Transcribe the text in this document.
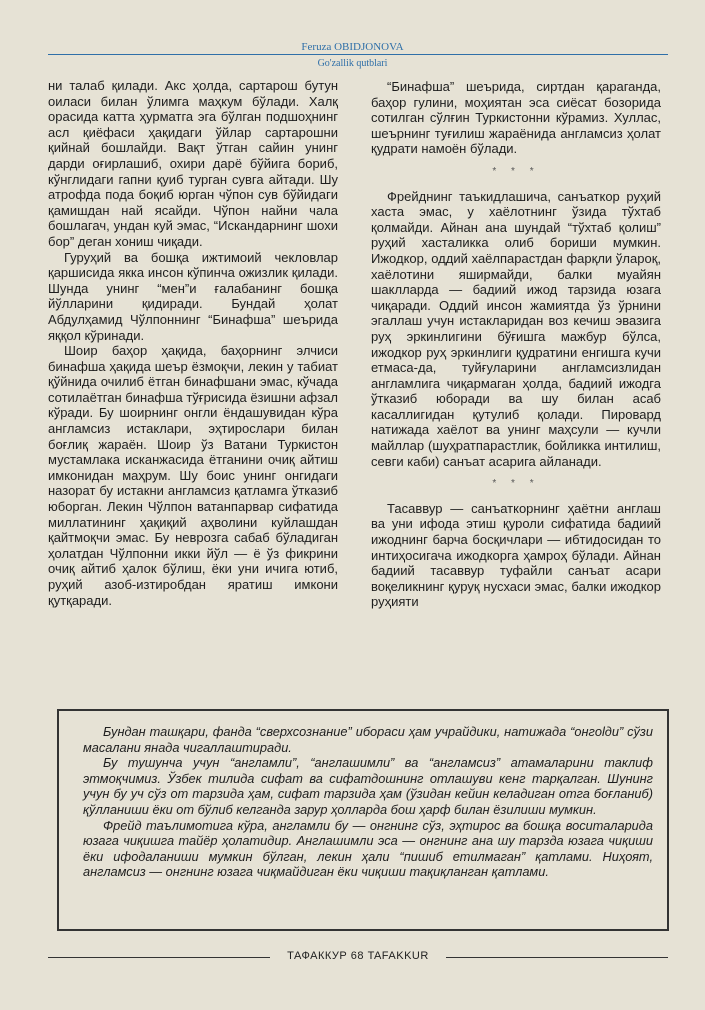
Feruza OBIDJONOVA
Go'zallik qutblari

ни талаб қилади. Акс ҳолда, сартарош бутун оиласи билан ўлимга маҳкум бўлади. Халқ орасида катта ҳурматга эга бўлган подшоҳнинг асл қиёфаси ҳақидаги ўйлар сартарошни қийнай бошлайди. Вақт ўтган сайин унинг дарди оғирлашиб, охири дарё бўйига бориб, кўнглидаги гапни қуиб турган сувга айтади. Шу атрофда пода боқиб юрган чўпон сув бўйидаги қамишдан най ясайди. Чўпон найни чала бошлагач, ундан куй эмас, “Искандарнинг шохи бор” деган хониш чиқади.

Гуруҳий ва бошқа ижтимоий чекловлар қаршисида якка инсон кўпинча ожизлик қилади. Шунда унинг “мен”и ғалабанинг бошқа йўлларини қидиради. Бундай ҳолат Абдулҳамид Чўлпоннинг “Бинафша” шеърида яққол кўринади.

Шоир баҳор ҳақида, баҳорнинг элчиси бинафша ҳақида шеър ёзмоқчи, лекин у табиат қўйнида очилиб ётган бинафшани эмас, кўчада сотилаётган бинафша тўғрисида ёзишни афзал кўради. Бу шоирнинг онгли ёндашувидан кўра англамсиз истаклари, эҳтирослари билан боғлиқ жараён. Шоир ўз Ватани Туркистон мустамлака исканжасида ётганини очиқ айтиш имконидан маҳрум. Шу боис унинг онгидаги назорат бу истакни англамсиз қатламга ўтказиб юборган. Лекин Чўлпон ватанпарвар сифатида миллатининг ҳақиқий аҳволини куйлашдан қайтмоқчи эмас. Бу неврозга сабаб бўладиган ҳолатдан Чўлпонни икки йўл — ё ўз фикрини очиқ айтиб ҳалок бўлиш, ёки уни ичига ютиб, руҳий азоб-изтиробдан яратиш имкони қутқаради.

“Бинафша” шеърида, сиртдан қараганда, баҳор гулини, моҳиятан эса сиёсат бозорида сотилган сўлғин Туркистонни кўрамиз. Хуллас, шеърнинг туғилиш жараёнида англамсиз ҳолат қудрати намоён бўлади.

* * *

Фрейднинг таъкидлашича, санъаткор руҳий хаста эмас, у хаёлотнинг ўзида тўхтаб қолмайди. Айнан ана шундай “тўхтаб қолиш” руҳий хасталикка олиб бориши мумкин. Ижодкор, оддий хаёлпарастдан фарқли ўлароқ, хаёлотини яширмайди, балки муайян шаклларда — бадиий ижод тарзида юзага чиқаради. Оддий инсон жамиятда ўз ўрнини эгаллаш учун истакларидан воз кечиш эвазига руҳ эркинлигини бўғишга мажбур бўлса, ижодкор руҳ эркинлиги қудратини енгишга кучи етмаса-да, туйғуларини англамсизлидан англамлига чиқармаган ҳолда, бадиий ижодга ўтказиб юборади ва шу билан асаб касаллигидан қутулиб қолади. Пировард натижада хаёлот ва унинг маҳсули — кучли майллар (шуҳратпарастлик, бойликка интилиш, севги каби) санъат асарига айланади.

* * *

Тасаввур — санъаткорнинг ҳаётни англаш ва уни ифода этиш қуроли сифатида бадиий ижоднинг барча босқичлари — ибтидосидан то интиҳосигача ижодкорга ҳамроҳ бўлади. Айнан бадиий тасаввур туфайли санъат асари воқеликнинг қуруқ нусхаси эмас, балки ижодкор руҳияти

Бундан ташқари, фанда “сверхсознание” ибораси ҳам учрайдики, натижада “онгolди” сўзи масалани янада чигаллаштиради.

Бу тушунча учун “англамли”, “англашимли” ва “англамсиз” атамаларини таклиф этмоқчимиз. Ўзбек тилида сифат ва сифатдошнинг отлашуви кенг тарқалган. Шунинг учун бу уч сўз от тарзида ҳам, сифат тарзида ҳам (ўзидан кейин келадиган отга боғланиб) қўлланиши ёки от бўлиб келганда зарур ҳолларда бош ҳарф билан ёзилиши мумкин.

Фрейд таълимотига кўра, англамли бу — онгнинг сўз, эҳтирос ва бошқа воситаларида юзага чиқишга тайёр ҳолатидир. Англашимли эса — онгнинг ана шу тарзда юзага чиқиши ёки ифодаланиши мумкин бўлган, лекин ҳали “пишиб етилмаган” қатлами. Ниҳоят, англамсиз — онгнинг юзага чиқмайдиган ёки чиқиши тақиқланган қатлами.

ТАФАККУР 68 TAFAKKUR
